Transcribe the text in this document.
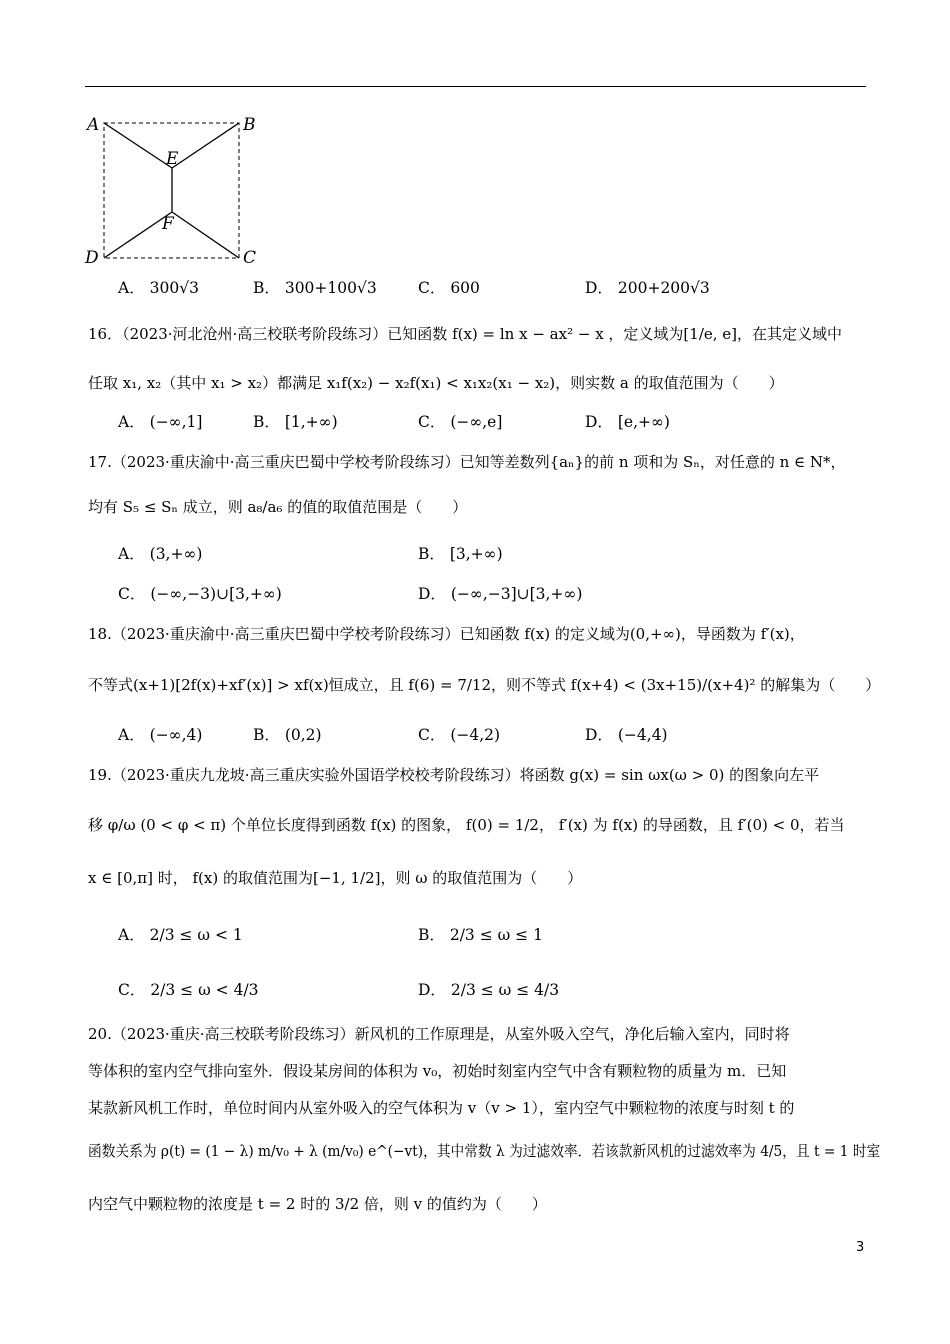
A	B
E
F
D	C
A． 300√3	B． 300+100√3	C． 600	D． 200+200√3
16．（2023·河北沧州·高三校联考阶段练习）已知函数 f(x) = ln x − ax² − x ，定义域为[1/e, e]，在其定义域中
任取 x₁, x₂（其中 x₁ > x₂）都满足 x₁f(x₂) − x₂f(x₁) < x₁x₂(x₁ − x₂)，则实数 a 的取值范围为（　　）
A． (−∞,1]	B． [1,+∞)	C． (−∞,e]	D． [e,+∞)
17.（2023·重庆渝中·高三重庆巴蜀中学校考阶段练习）已知等差数列{aₙ}的前 n 项和为 Sₙ，对任意的 n ∈ N*，
均有 S₅ ≤ Sₙ 成立，则 a₈/a₆ 的值的取值范围是（　　）
A． (3,+∞)	B． [3,+∞)
C． (−∞,−3)∪[3,+∞)	D． (−∞,−3]∪[3,+∞)
18.（2023·重庆渝中·高三重庆巴蜀中学校考阶段练习）已知函数 f(x) 的定义域为(0,+∞)，导函数为 f′(x)，
不等式(x+1)[2f(x)+xf′(x)] > xf(x)恒成立，且 f(6) = 7/12，则不等式 f(x+4) < (3x+15)/(x+4)² 的解集为（　　）
A． (−∞,4)	B． (0,2)	C． (−4,2)	D． (−4,4)
19.（2023·重庆九龙坡·高三重庆实验外国语学校校考阶段练习）将函数 g(x) = sin ωx(ω > 0) 的图象向左平
移 φ/ω (0 < φ < π) 个单位长度得到函数 f(x) 的图象， f(0) = 1/2， f′(x) 为 f(x) 的导函数，且 f′(0) < 0，若当
x ∈ [0,π] 时， f(x) 的取值范围为[−1, 1/2]，则 ω 的取值范围为（　　）
A． 2/3 ≤ ω < 1	B． 2/3 ≤ ω ≤ 1
C． 2/3 ≤ ω < 4/3	D． 2/3 ≤ ω ≤ 4/3
20.（2023·重庆·高三校联考阶段练习）新风机的工作原理是，从室外吸入空气，净化后输入室内，同时将
等体积的室内空气排向室外．假设某房间的体积为 v₀，初始时刻室内空气中含有颗粒物的质量为 m．已知
某款新风机工作时，单位时间内从室外吸入的空气体积为 v（v > 1），室内空气中颗粒物的浓度与时刻 t 的
函数关系为 ρ(t) = (1 − λ) m/v₀ + λ (m/v₀) e^(−vt)，其中常数 λ 为过滤效率．若该款新风机的过滤效率为 4/5，且 t = 1 时室
内空气中颗粒物的浓度是 t = 2 时的 3/2 倍，则 v 的值约为（　　）
3
